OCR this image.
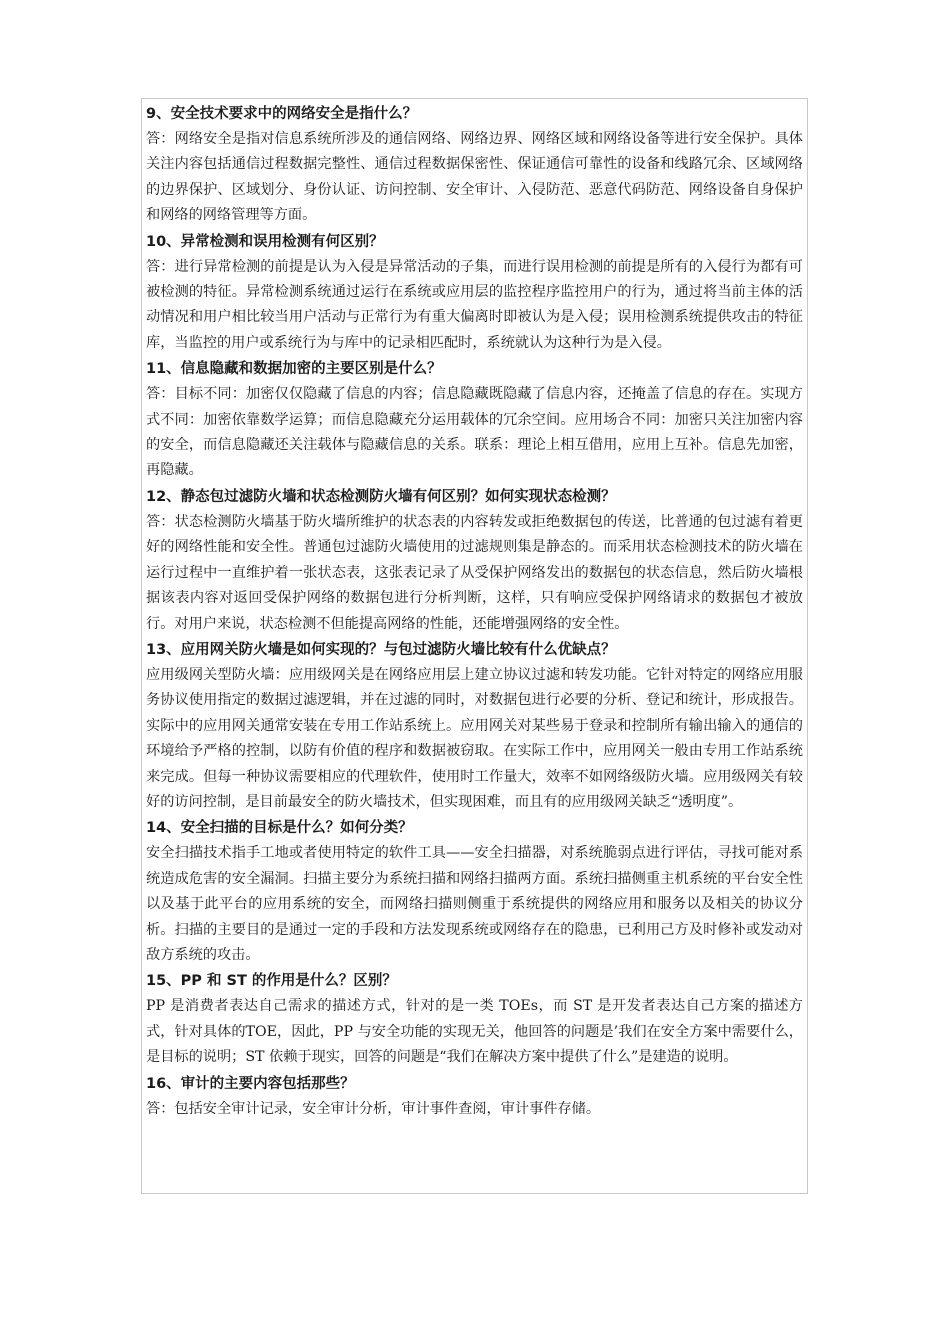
9、安全技术要求中的网络安全是指什么？

答：网络安全是指对信息系统所涉及的通信网络、网络边界、网络区域和网络设备等进行安全保护。具体关注内容包括通信过程数据完整性、通信过程数据保密性、保证通信可靠性的设备和线路冗余、区域网络的边界保护、区域划分、身份认证、访问控制、安全审计、入侵防范、恶意代码防范、网络设备自身保护和网络的网络管理等方面。

10、异常检测和误用检测有何区别？

答：进行异常检测的前提是认为入侵是异常活动的子集，而进行误用检测的前提是所有的入侵行为都有可被检测的特征。异常检测系统通过运行在系统或应用层的监控程序监控用户的行为，通过将当前主体的活动情况和用户相比较当用户活动与正常行为有重大偏离时即被认为是入侵；误用检测系统提供攻击的特征库，当监控的用户或系统行为与库中的记录相匹配时，系统就认为这种行为是入侵。

11、信息隐藏和数据加密的主要区别是什么？

答：目标不同：加密仅仅隐藏了信息的内容；信息隐藏既隐藏了信息内容，还掩盖了信息的存在。实现方式不同：加密依靠数学运算；而信息隐藏充分运用载体的冗余空间。应用场合不同：加密只关注加密内容的安全，而信息隐藏还关注载体与隐藏信息的关系。联系：理论上相互借用，应用上互补。信息先加密，再隐藏。

12、静态包过滤防火墙和状态检测防火墙有何区别？如何实现状态检测？

答：状态检测防火墙基于防火墙所维护的状态表的内容转发或拒绝数据包的传送，比普通的包过滤有着更好的网络性能和安全性。普通包过滤防火墙使用的过滤规则集是静态的。而采用状态检测技术的防火墙在运行过程中一直维护着一张状态表，这张表记录了从受保护网络发出的数据包的状态信息，然后防火墙根据该表内容对返回受保护网络的数据包进行分析判断，这样，只有响应受保护网络请求的数据包才被放行。对用户来说，状态检测不但能提高网络的性能，还能增强网络的安全性。

13、应用网关防火墙是如何实现的？与包过滤防火墙比较有什么优缺点？

应用级网关型防火墙：应用级网关是在网络应用层上建立协议过滤和转发功能。它针对特定的网络应用服务协议使用指定的数据过滤逻辑，并在过滤的同时，对数据包进行必要的分析、登记和统计，形成报告。实际中的应用网关通常安装在专用工作站系统上。应用网关对某些易于登录和控制所有输出输入的通信的环境给予严格的控制，以防有价值的程序和数据被窃取。在实际工作中，应用网关一般由专用工作站系统来完成。但每一种协议需要相应的代理软件，使用时工作量大，效率不如网络级防火墙。应用级网关有较好的访问控制，是目前最安全的防火墙技术，但实现困难，而且有的应用级网关缺乏“透明度”。

14、安全扫描的目标是什么？如何分类？

安全扫描技术指手工地或者使用特定的软件工具——安全扫描器，对系统脆弱点进行评估，寻找可能对系统造成危害的安全漏洞。扫描主要分为系统扫描和网络扫描两方面。系统扫描侧重主机系统的平台安全性以及基于此平台的应用系统的安全，而网络扫描则侧重于系统提供的网络应用和服务以及相关的协议分析。扫描的主要目的是通过一定的手段和方法发现系统或网络存在的隐患，已利用己方及时修补或发动对敌方系统的攻击。

15、PP 和 ST 的作用是什么？区别？

PP 是消费者表达自己需求的描述方式，针对的是一类 TOEs，而 ST 是开发者表达自己方案的描述方式，针对具体的TOE，因此，PP 与安全功能的实现无关，他回答的问题是’我们在安全方案中需要什么，是目标的说明；ST 依赖于现实，回答的问题是“我们在解决方案中提供了什么”是建造的说明。

16、审计的主要内容包括那些？

答：包括安全审计记录，安全审计分析，审计事件查阅，审计事件存储。
